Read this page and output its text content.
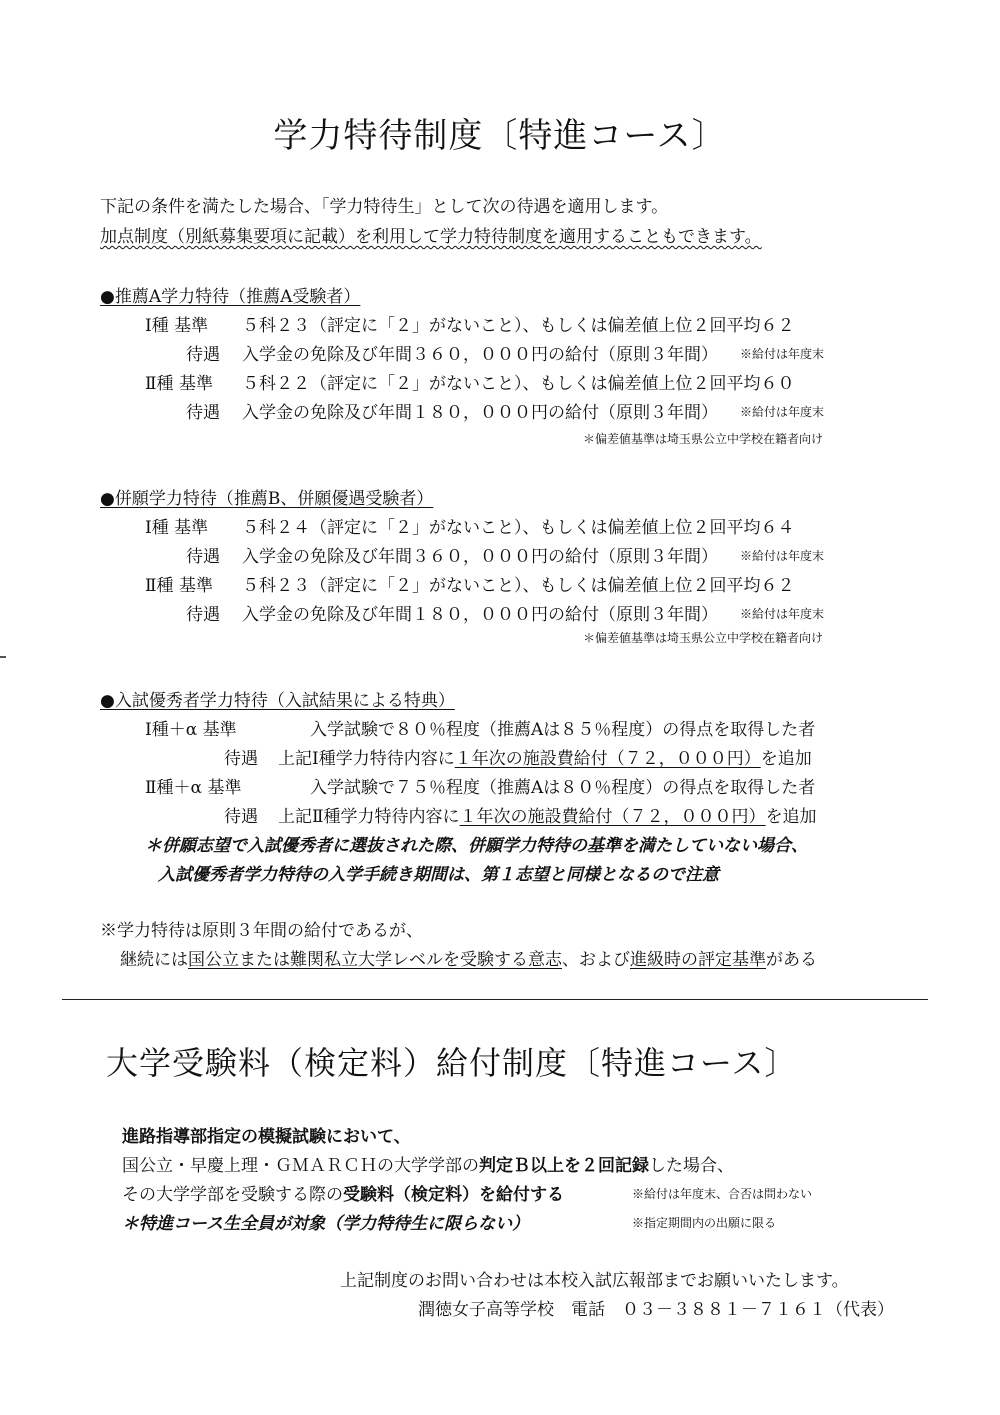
学力特待制度〔特進コース〕
下記の条件を満たした場合、「学力特待生」として次の待遇を適用します。
加点制度（別紙募集要項に記載）を利用して学力特待制度を適用することもできます。
●推薦A学力特待（推薦A受験者）
Ⅰ種 基準 ５科２３（評定に「２」がないこと）、もしくは偏差値上位２回平均６２
待遇 入学金の免除及び年間３６０，０００円の給付（原則３年間） ※給付は年度末
Ⅱ種 基準 ５科２２（評定に「２」がないこと）、もしくは偏差値上位２回平均６０
待遇 入学金の免除及び年間１８０，０００円の給付（原則３年間） ※給付は年度末
＊偏差値基準は埼玉県公立中学校在籍者向け
●併願学力特待（推薦B、併願優遇受験者）
Ⅰ種 基準 ５科２４（評定に「２」がないこと）、もしくは偏差値上位２回平均６４
待遇 入学金の免除及び年間３６０，０００円の給付（原則３年間） ※給付は年度末
Ⅱ種 基準 ５科２３（評定に「２」がないこと）、もしくは偏差値上位２回平均６２
待遇 入学金の免除及び年間１８０，０００円の給付（原則３年間） ※給付は年度末
＊偏差値基準は埼玉県公立中学校在籍者向け
●入試優秀者学力特待（入試結果による特典）
Ⅰ種＋α 基準	入学試験で８０％程度（推薦Aは８５％程度）の得点を取得した者
待遇 上記Ⅰ種学力特待内容に１年次の施設費給付（７２，０００円）を追加
Ⅱ種＋α 基準	入学試験で７５％程度（推薦Aは８０％程度）の得点を取得した者
待遇 上記Ⅱ種学力特待内容に１年次の施設費給付（７２，０００円）を追加
＊併願志望で入試優秀者に選抜された際、併願学力特待の基準を満たしていない場合、
入試優秀者学力特待の入学手続き期間は、第１志望と同様となるので注意
※学力特待は原則３年間の給付であるが、
継続には国公立または難関私立大学レベルを受験する意志、および進級時の評定基準がある
大学受験料（検定料）給付制度〔特進コース〕
進路指導部指定の模擬試験において、
国公立・早慶上理・ＧＭＡＲＣＨの大学学部の判定Ｂ以上を２回記録した場合、
その大学学部を受験する際の受験料（検定料）を給付する	※給付は年度末、合否は問わない
＊特進コース生全員が対象（学力特待生に限らない）	※指定期間内の出願に限る
上記制度のお問い合わせは本校入試広報部までお願いいたします。
潤徳女子高等学校　電話　０３－３８８１－７１６１（代表）
